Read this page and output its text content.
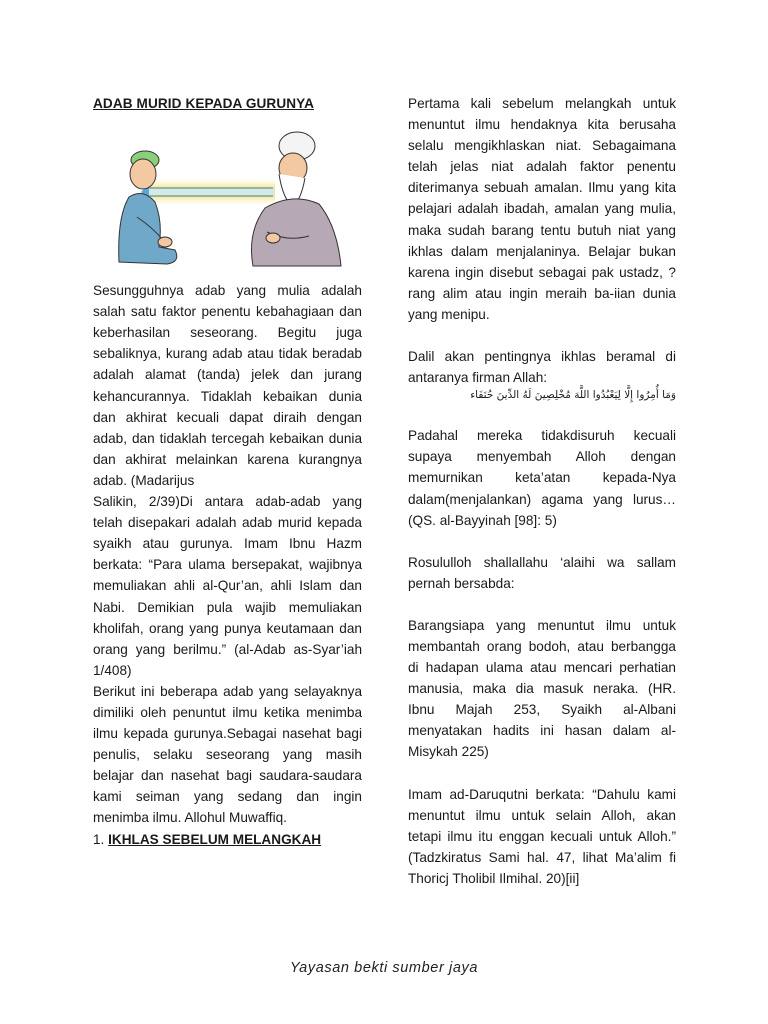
ADAB MURID KEPADA GURUNYA

Sesungguhnya adab yang mulia adalah salah satu faktor penentu kebahagiaan dan keberhasilan seseorang. Begitu juga sebaliknya, kurang adab atau tidak beradab adalah alamat (tanda) jelek dan jurang kehancurannya. Tidaklah kebaikan dunia dan akhirat kecuali dapat diraih dengan adab, dan tidaklah tercegah kebaikan dunia dan akhirat melainkan karena kurangnya adab. (Madarijus

Salikin, 2/39)Di antara adab-adab yang telah disepakari adalah adab murid kepada syaikh atau gurunya. Imam Ibnu Hazm berkata: “Para ulama bersepakat, wajibnya memuliakan ahli al-Qur’an, ahli Islam dan Nabi. Demikian pula wajib memuliakan kholifah, orang yang punya keutamaan dan orang yang berilmu.” (al-Adab as-Syar’iah 1/408)

Berikut ini beberapa adab yang selayaknya dimiliki oleh penuntut ilmu ketika menimba ilmu kepada gurunya.Sebagai nasehat bagi penulis, selaku seseorang yang masih belajar dan nasehat bagi saudara-saudara kami seiman yang sedang dan ingin menimba ilmu. Allohul Muwaffiq.

1. IKHLAS SEBELUM MELANGKAH

Pertama kali sebelum melangkah untuk menuntut ilmu hendaknya kita berusaha selalu mengikhlaskan niat. Sebagaimana telah jelas niat adalah faktor penentu diterimanya sebuah amalan. Ilmu yang kita pelajari adalah ibadah, amalan yang mulia, maka sudah barang tentu butuh niat yang ikhlas dalam menjalaninya. Belajar bukan karena ingin disebut sebagai pak ustadz, ?rang alim atau ingin meraih ba-iian dunia yang menipu.

Dalil akan pentingnya ikhlas beramal di antaranya firman Allah:

وَمَا أُمِرُوا إِلَّا لِيَعْبُدُوا اللَّهَ مُخْلِصِينَ لَهُ الدِّينَ حُنَفَاء

Padahal mereka tidakdisuruh kecuali supaya menyembah Alloh dengan memurnikan keta’atan kepada-Nya dalam(menjalankan) agama yang lurus… (QS. al-Bayyinah [98]: 5)

Rosululloh shallallahu ‘alaihi wa sallam pernah bersabda:

Barangsiapa yang menuntut ilmu untuk membantah orang bodoh, atau berbangga di hadapan ulama atau mencari perhatian manusia, maka dia masuk neraka. (HR. Ibnu Majah 253, Syaikh al-Albani menyatakan hadits ini hasan dalam al-Misykah 225)

Imam ad-Daruqutni berkata: “Dahulu kami menuntut ilmu untuk selain Alloh, akan tetapi ilmu itu enggan kecuali untuk Alloh.” (Tadzkiratus Sami hal. 47, lihat Ma’alim fi Thoricj Tholibil Ilmihal. 20)[ii]

Yayasan bekti sumber jaya
